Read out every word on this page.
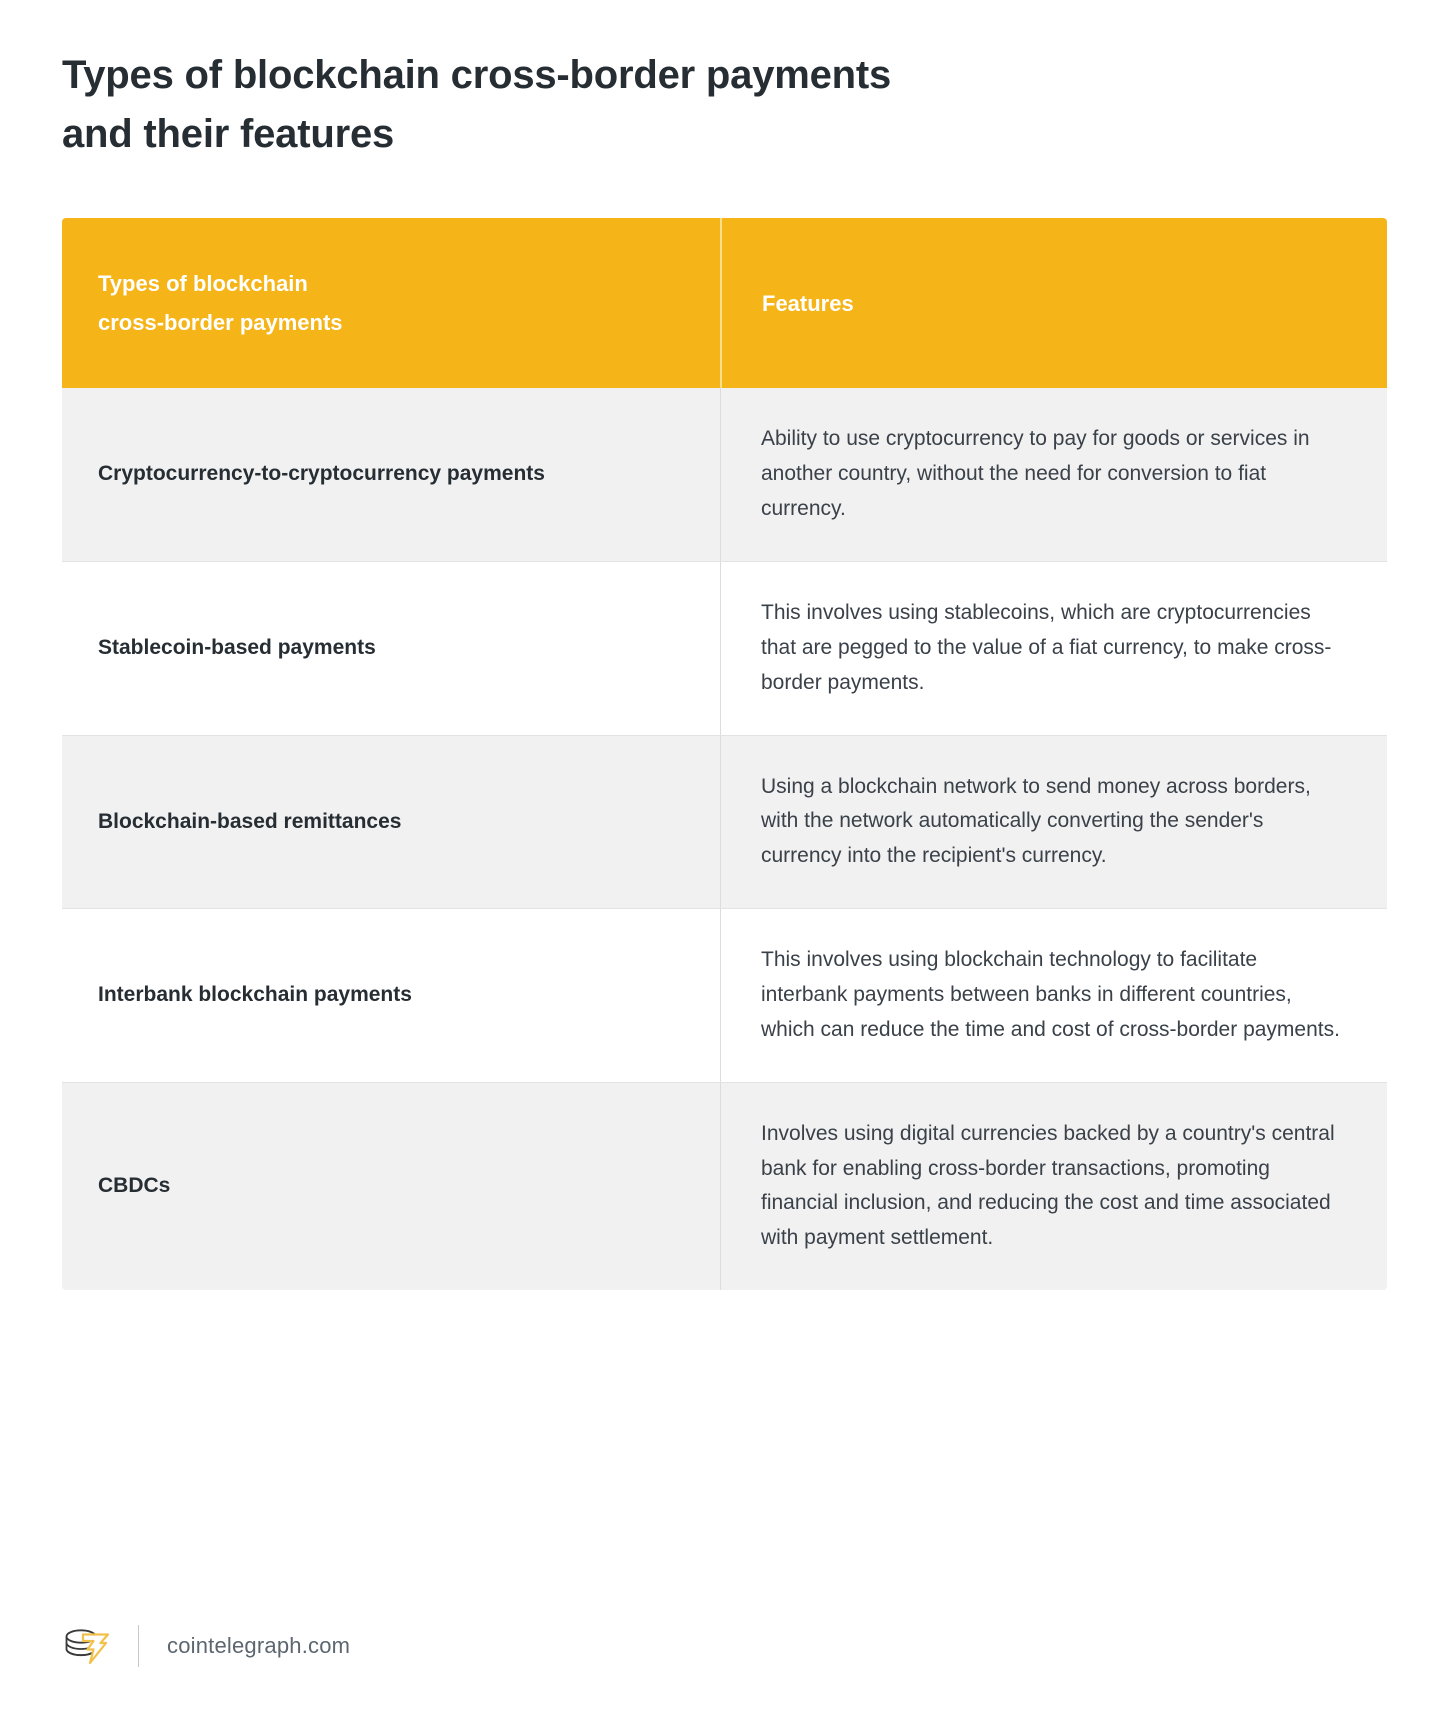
Types of blockchain cross-border payments
and their features
Types of blockchain
cross-border payments
Features
Cryptocurrency-to-cryptocurrency payments
Ability to use cryptocurrency to pay for goods or services in another country, without the need for conversion to fiat currency.
Stablecoin-based payments
This involves using stablecoins, which are cryptocurrencies that are pegged to the value of a fiat currency, to make cross-border payments.
Blockchain-based remittances
Using a blockchain network to send money across borders, with the network automatically converting the sender's currency into the recipient's currency.
Interbank blockchain payments
This involves using blockchain technology to facilitate interbank payments between banks in different countries, which can reduce the time and cost of cross-border payments.
CBDCs
Involves using digital currencies backed by a country's central bank for enabling cross-border transactions, promoting financial inclusion, and reducing the cost and time associated with payment settlement.
cointelegraph.com
